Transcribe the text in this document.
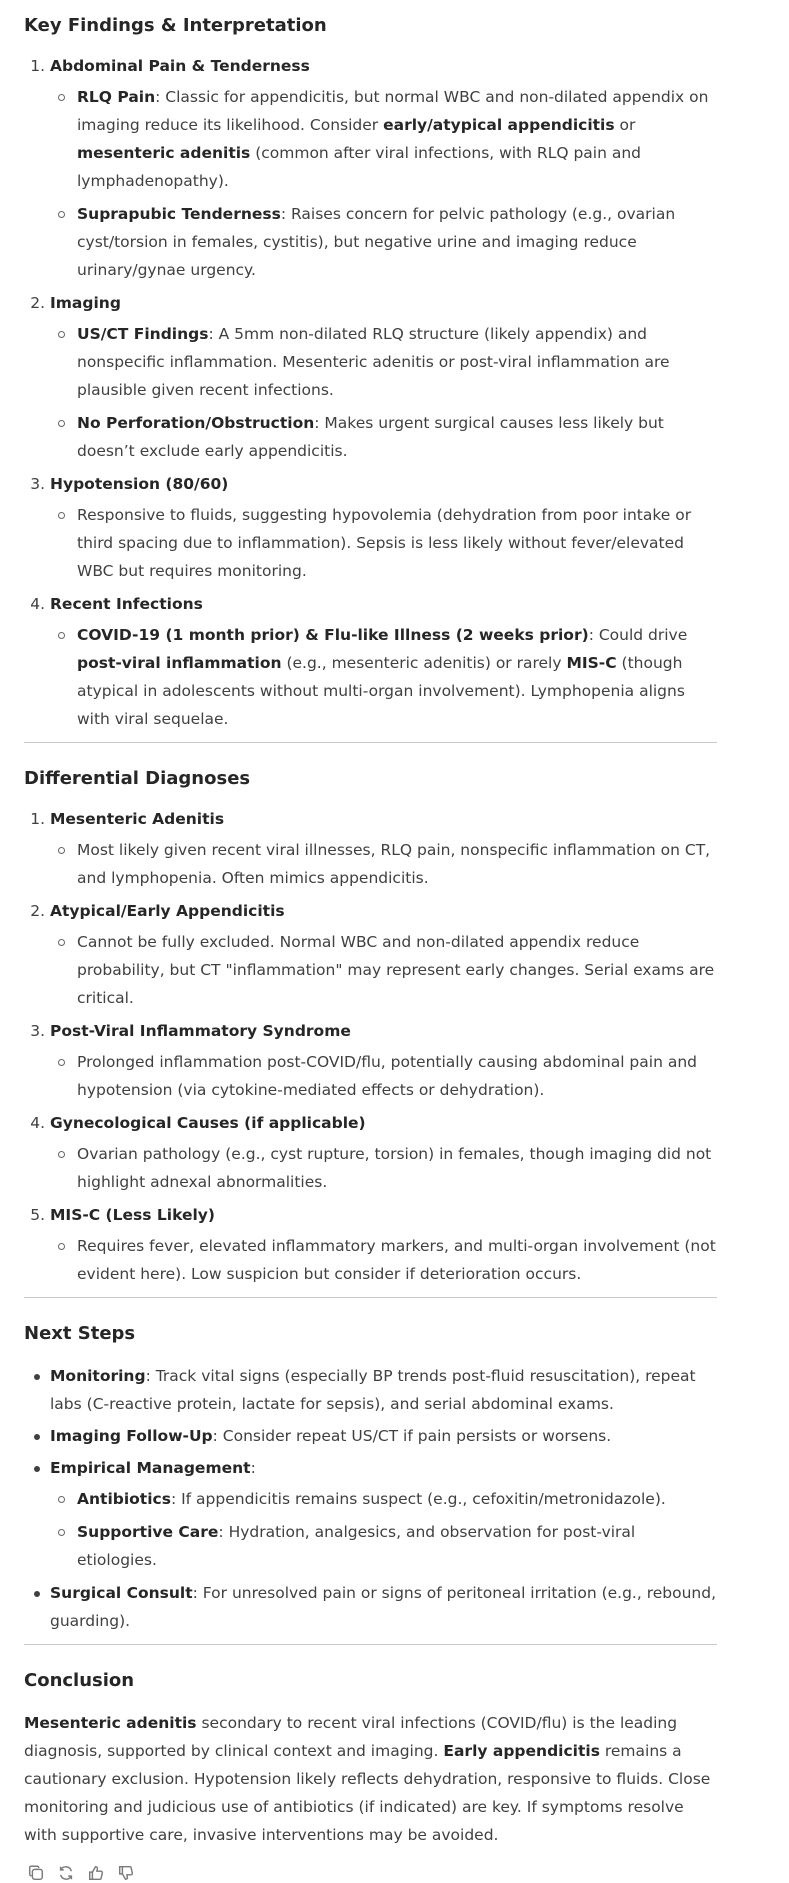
Key Findings & Interpretation
1. Abdominal Pain & Tenderness
RLQ Pain: Classic for appendicitis, but normal WBC and non-dilated appendix on imaging reduce its likelihood. Consider early/atypical appendicitis or mesenteric adenitis (common after viral infections, with RLQ pain and lymphadenopathy).
Suprapubic Tenderness: Raises concern for pelvic pathology (e.g., ovarian cyst/torsion in females, cystitis), but negative urine and imaging reduce urinary/gynae urgency.
2. Imaging
US/CT Findings: A 5mm non-dilated RLQ structure (likely appendix) and nonspecific inflammation. Mesenteric adenitis or post-viral inflammation are plausible given recent infections.
No Perforation/Obstruction: Makes urgent surgical causes less likely but doesn’t exclude early appendicitis.
3. Hypotension (80/60)
Responsive to fluids, suggesting hypovolemia (dehydration from poor intake or third spacing due to inflammation). Sepsis is less likely without fever/elevated WBC but requires monitoring.
4. Recent Infections
COVID-19 (1 month prior) & Flu-like Illness (2 weeks prior): Could drive post-viral inflammation (e.g., mesenteric adenitis) or rarely MIS-C (though atypical in adolescents without multi-organ involvement). Lymphopenia aligns with viral sequelae.
Differential Diagnoses
1. Mesenteric Adenitis
Most likely given recent viral illnesses, RLQ pain, nonspecific inflammation on CT, and lymphopenia. Often mimics appendicitis.
2. Atypical/Early Appendicitis
Cannot be fully excluded. Normal WBC and non-dilated appendix reduce probability, but CT "inflammation" may represent early changes. Serial exams are critical.
3. Post-Viral Inflammatory Syndrome
Prolonged inflammation post-COVID/flu, potentially causing abdominal pain and hypotension (via cytokine-mediated effects or dehydration).
4. Gynecological Causes (if applicable)
Ovarian pathology (e.g., cyst rupture, torsion) in females, though imaging did not highlight adnexal abnormalities.
5. MIS-C (Less Likely)
Requires fever, elevated inflammatory markers, and multi-organ involvement (not evident here). Low suspicion but consider if deterioration occurs.
Next Steps
Monitoring: Track vital signs (especially BP trends post-fluid resuscitation), repeat labs (C-reactive protein, lactate for sepsis), and serial abdominal exams.
Imaging Follow-Up: Consider repeat US/CT if pain persists or worsens.
Empirical Management:
Antibiotics: If appendicitis remains suspect (e.g., cefoxitin/metronidazole).
Supportive Care: Hydration, analgesics, and observation for post-viral etiologies.
Surgical Consult: For unresolved pain or signs of peritoneal irritation (e.g., rebound, guarding).
Conclusion

Mesenteric adenitis secondary to recent viral infections (COVID/flu) is the leading diagnosis, supported by clinical context and imaging. Early appendicitis remains a cautionary exclusion. Hypotension likely reflects dehydration, responsive to fluids. Close monitoring and judicious use of antibiotics (if indicated) are key. If symptoms resolve with supportive care, invasive interventions may be avoided.
